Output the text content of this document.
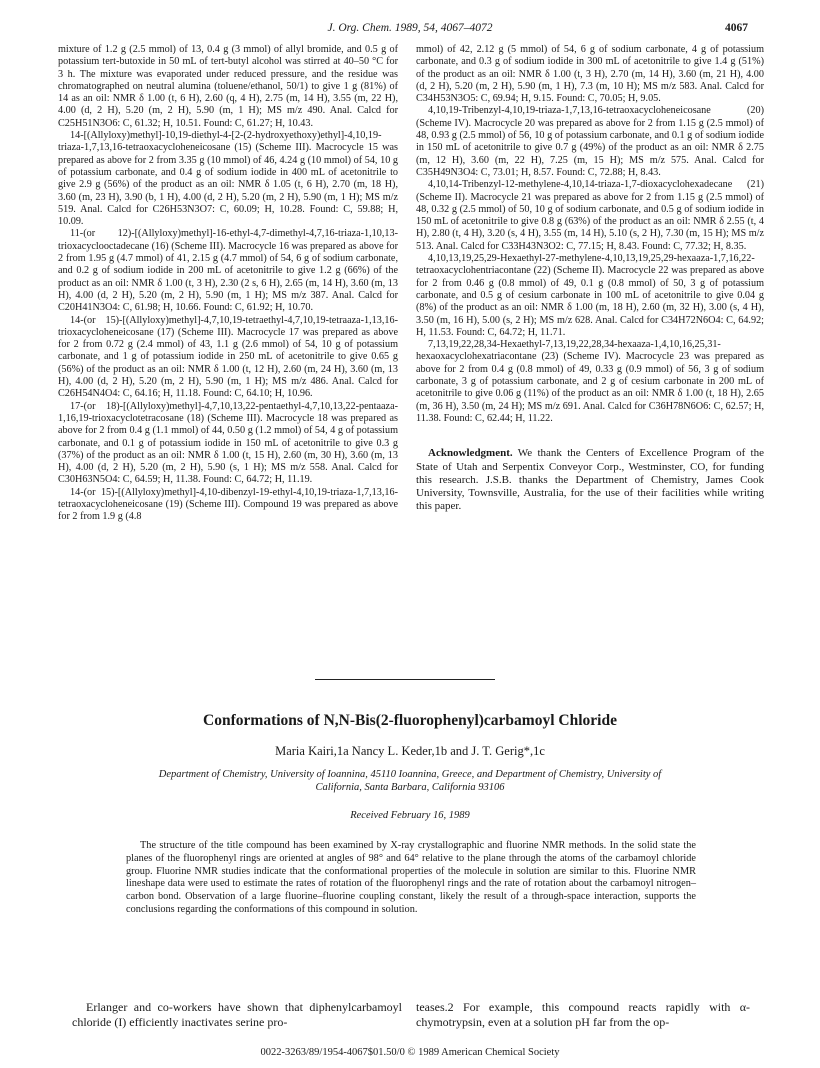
J. Org. Chem. 1989, 54, 4067–4072	4067

mixture of 1.2 g (2.5 mmol) of 13, 0.4 g (3 mmol) of allyl bromide, and 0.5 g of potassium tert-butoxide in 50 mL of tert-butyl alcohol was stirred at 40–50 °C for 3 h. The mixture was evaporated under reduced pressure, and the residue was chromatographed on neutral alumina (toluene/ethanol, 50/1) to give 1 g (81%) of 14 as an oil: NMR δ 1.00 (t, 6 H), 2.60 (q, 4 H), 2.75 (m, 14 H), 3.55 (m, 22 H), 4.00 (d, 2 H), 5.20 (m, 2 H), 5.90 (m, 1 H); MS m/z 490. Anal. Calcd for C25H51N3O6: C, 61.32; H, 10.51. Found: C, 61.27; H, 10.43.

14-[(Allyloxy)methyl]-10,19-diethyl-4-[2-(2-hydroxyethoxy)ethyl]-4,10,19-triaza-1,7,13,16-tetraoxacycloheneicosane (15) (Scheme III). Macrocycle 15 was prepared as above for 2 from 3.35 g (10 mmol) of 46, 4.24 g (10 mmol) of 54, 10 g of potassium carbonate, and 0.4 g of sodium iodide in 400 mL of acetonitrile to give 2.9 g (56%) of the product as an oil: NMR δ 1.05 (t, 6 H), 2.70 (m, 18 H), 3.60 (m, 23 H), 3.90 (b, 1 H), 4.00 (d, 2 H), 5.20 (m, 2 H), 5.90 (m, 1 H); MS m/z 519. Anal. Calcd for C26H53N3O7: C, 60.09; H, 10.28. Found: C, 59.88; H, 10.09.

11-(or 12)-[(Allyloxy)methyl]-16-ethyl-4,7-dimethyl-4,7,16-triaza-1,10,13-trioxacyclooctadecane (16) (Scheme III). Macrocycle 16 was prepared as above for 2 from 1.95 g (4.7 mmol) of 41, 2.15 g (4.7 mmol) of 54, 6 g of sodium carbonate, and 0.2 g of sodium iodide in 200 mL of acetonitrile to give 1.2 g (66%) of the product as an oil: NMR δ 1.00 (t, 3 H), 2.30 (2 s, 6 H), 2.65 (m, 14 H), 3.60 (m, 13 H), 4.00 (d, 2 H), 5.20 (m, 2 H), 5.90 (m, 1 H); MS m/z 387. Anal. Calcd for C20H41N3O4: C, 61.98; H, 10.66. Found: C, 61.92; H, 10.70.

14-(or 15)-[(Allyloxy)methyl]-4,7,10,19-tetraethyl-4,7,10,19-tetraaza-1,13,16-trioxacycloheneicosane (17) (Scheme III). Macrocycle 17 was prepared as above for 2 from 0.72 g (2.4 mmol) of 43, 1.1 g (2.6 mmol) of 54, 10 g of potassium carbonate, and 1 g of potassium iodide in 250 mL of acetonitrile to give 0.65 g (56%) of the product as an oil: NMR δ 1.00 (t, 12 H), 2.60 (m, 24 H), 3.60 (m, 13 H), 4.00 (d, 2 H), 5.20 (m, 2 H), 5.90 (m, 1 H); MS m/z 486. Anal. Calcd for C26H54N4O4: C, 64.16; H, 11.18. Found: C, 64.10; H, 10.96.

17-(or 18)-[(Allyloxy)methyl]-4,7,10,13,22-pentaethyl-4,7,10,13,22-pentaaza-1,16,19-trioxacyclotetracosane (18) (Scheme III). Macrocycle 18 was prepared as above for 2 from 0.4 g (1.1 mmol) of 44, 0.50 g (1.2 mmol) of 54, 4 g of potassium carbonate, and 0.1 g of potassium iodide in 150 mL of acetonitrile to give 0.3 g (37%) of the product as an oil: NMR δ 1.00 (t, 15 H), 2.60 (m, 30 H), 3.60 (m, 13 H), 4.00 (d, 2 H), 5.20 (m, 2 H), 5.90 (s, 1 H); MS m/z 558. Anal. Calcd for C30H63N5O4: C, 64.59; H, 11.38. Found: C, 64.72; H, 11.19.

14-(or 15)-[(Allyloxy)methyl]-4,10-dibenzyl-19-ethyl-4,10,19-triaza-1,7,13,16-tetraoxacycloheneicosane (19) (Scheme III). Compound 19 was prepared as above for 2 from 1.9 g (4.8

mmol) of 42, 2.12 g (5 mmol) of 54, 6 g of sodium carbonate, 4 g of potassium carbonate, and 0.3 g of sodium iodide in 300 mL of acetonitrile to give 1.4 g (51%) of the product as an oil: NMR δ 1.00 (t, 3 H), 2.70 (m, 14 H), 3.60 (m, 21 H), 4.00 (d, 2 H), 5.20 (m, 2 H), 5.90 (m, 1 H), 7.3 (m, 10 H); MS m/z 583. Anal. Calcd for C34H53N3O5: C, 69.94; H, 9.15. Found: C, 70.05; H, 9.05.

4,10,19-Tribenzyl-4,10,19-triaza-1,7,13,16-tetraoxacycloheneicosane (20) (Scheme IV). Macrocycle 20 was prepared as above for 2 from 1.15 g (2.5 mmol) of 48, 0.93 g (2.5 mmol) of 56, 10 g of potassium carbonate, and 0.1 g of sodium iodide in 150 mL of acetonitrile to give 0.7 g (49%) of the product as an oil: NMR δ 2.75 (m, 12 H), 3.60 (m, 22 H), 7.25 (m, 15 H); MS m/z 575. Anal. Calcd for C35H49N3O4: C, 73.01; H, 8.57. Found: C, 72.88; H, 8.43.

4,10,14-Tribenzyl-12-methylene-4,10,14-triaza-1,7-dioxacyclohexadecane (21) (Scheme II). Macrocycle 21 was prepared as above for 2 from 1.15 g (2.5 mmol) of 48, 0.32 g (2.5 mmol) of 50, 10 g of sodium carbonate, and 0.5 g of sodium iodide in 150 mL of acetonitrile to give 0.8 g (63%) of the product as an oil: NMR δ 2.55 (t, 4 H), 2.80 (t, 4 H), 3.20 (s, 4 H), 3.55 (m, 14 H), 5.10 (s, 2 H), 7.30 (m, 15 H); MS m/z 513. Anal. Calcd for C33H43N3O2: C, 77.15; H, 8.43. Found: C, 77.32; H, 8.35.

4,10,13,19,25,29-Hexaethyl-27-methylene-4,10,13,19,25,29-hexaaza-1,7,16,22-tetraoxacyclohentriacontane (22) (Scheme II). Macrocycle 22 was prepared as above for 2 from 0.46 g (0.8 mmol) of 49, 0.1 g (0.8 mmol) of 50, 3 g of potassium carbonate, and 0.5 g of cesium carbonate in 100 mL of acetonitrile to give 0.04 g (8%) of the product as an oil: NMR δ 1.00 (m, 18 H), 2.60 (m, 32 H), 3.00 (s, 4 H), 3.50 (m, 16 H), 5.00 (s, 2 H); MS m/z 628. Anal. Calcd for C34H72N6O4: C, 64.92; H, 11.53. Found: C, 64.72; H, 11.71.

7,13,19,22,28,34-Hexaethyl-7,13,19,22,28,34-hexaaza-1,4,10,16,25,31-hexaoxacyclohexatriacontane (23) (Scheme IV). Macrocycle 23 was prepared as above for 2 from 0.4 g (0.8 mmol) of 49, 0.33 g (0.9 mmol) of 56, 3 g of sodium carbonate, 3 g of potassium carbonate, and 2 g of cesium carbonate in 200 mL of acetonitrile to give 0.06 g (11%) of the product as an oil: NMR δ 1.00 (t, 18 H), 2.65 (m, 36 H), 3.50 (m, 24 H); MS m/z 691. Anal. Calcd for C36H78N6O6: C, 62.57; H, 11.38. Found: C, 62.44; H, 11.22.

Acknowledgment. We thank the Centers of Excellence Program of the State of Utah and Serpentix Conveyor Corp., Westminster, CO, for funding this research. J.S.B. thanks the Department of Chemistry, James Cook University, Townsville, Australia, for the use of their facilities while writing this paper.

Conformations of N,N-Bis(2-fluorophenyl)carbamoyl Chloride
Maria Kairi,1a Nancy L. Keder,1b and J. T. Gerig*,1c
Department of Chemistry, University of Ioannina, 45110 Ioannina, Greece, and Department of Chemistry, University of California, Santa Barbara, California 93106
Received February 16, 1989
The structure of the title compound has been examined by X-ray crystallographic and fluorine NMR methods. In the solid state the planes of the fluorophenyl rings are oriented at angles of 98° and 64° relative to the plane through the atoms of the carbamoyl chloride group. Fluorine NMR studies indicate that the conformational properties of the molecule in solution are similar to this. Fluorine NMR lineshape data were used to estimate the rates of rotation of the fluorophenyl rings and the rate of rotation about the carbamoyl nitrogen–carbon bond. Observation of a large fluorine–fluorine coupling constant, likely the result of a through-space interaction, supports the conclusions regarding the conformations of this compound in solution.
Erlanger and co-workers have shown that diphenylcarbamoyl chloride (I) efficiently inactivates serine pro-
teases.2 For example, this compound reacts rapidly with α-chymotrypsin, even at a solution pH far from the op-
0022-3263/89/1954-4067$01.50/0 © 1989 American Chemical Society
